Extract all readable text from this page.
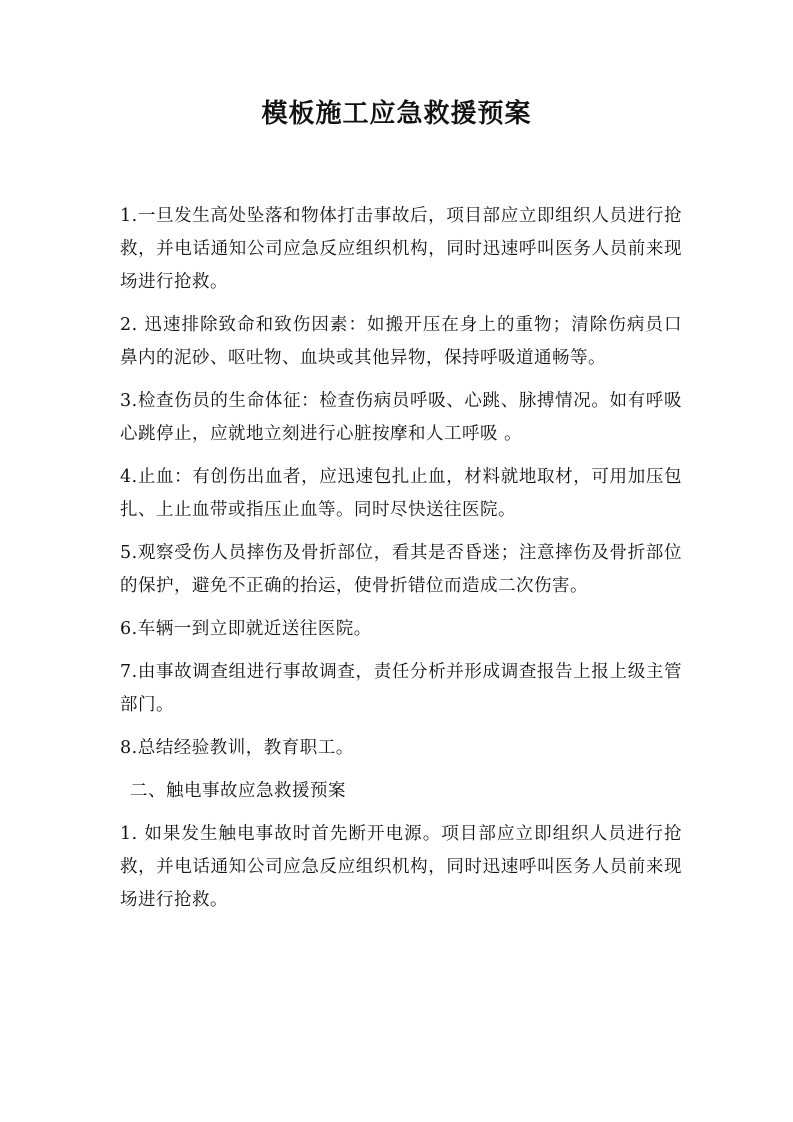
模板施工应急救援预案

1.一旦发生高处坠落和物体打击事故后，项目部应立即组织人员进行抢救，并电话通知公司应急反应组织机构，同时迅速呼叫医务人员前来现场进行抢救。

2. 迅速排除致命和致伤因素：如搬开压在身上的重物；清除伤病员口鼻内的泥砂、呕吐物、血块或其他异物，保持呼吸道通畅等。

3.检查伤员的生命体征：检查伤病员呼吸、心跳、脉搏情况。如有呼吸心跳停止，应就地立刻进行心脏按摩和人工呼吸 。

4.止血：有创伤出血者，应迅速包扎止血，材料就地取材，可用加压包扎、上止血带或指压止血等。同时尽快送往医院。

5.观察受伤人员摔伤及骨折部位，看其是否昏迷；注意摔伤及骨折部位的保护，避免不正确的抬运，使骨折错位而造成二次伤害。

6.车辆一到立即就近送往医院。

7.由事故调查组进行事故调查，责任分析并形成调查报告上报上级主管部门。

8.总结经验教训，教育职工。

二、触电事故应急救援预案

1. 如果发生触电事故时首先断开电源。项目部应立即组织人员进行抢救，并电话通知公司应急反应组织机构，同时迅速呼叫医务人员前来现场进行抢救。
